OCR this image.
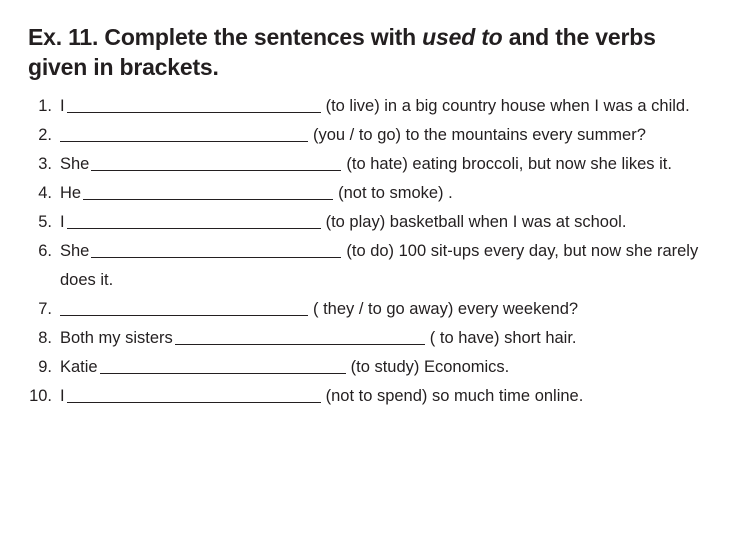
Ex. 11. Complete the sentences with used to and the verbs
given in brackets.
1. I	(to live) in a big country house when I was a child.
2.	(you / to go) to the mountains every summer?
3. She	(to hate) eating broccoli, but now she likes it.
4. He	(not to smoke) .
5. I	(to play) basketball when I was at school.
6. She	(to do) 100 sit-ups every day, but now she rarely
does it.
7.	( they / to go away) every weekend?
8. Both my sisters	( to have) short hair.
9. Katie	(to study) Economics.
10. I	(not to spend) so much time online.
